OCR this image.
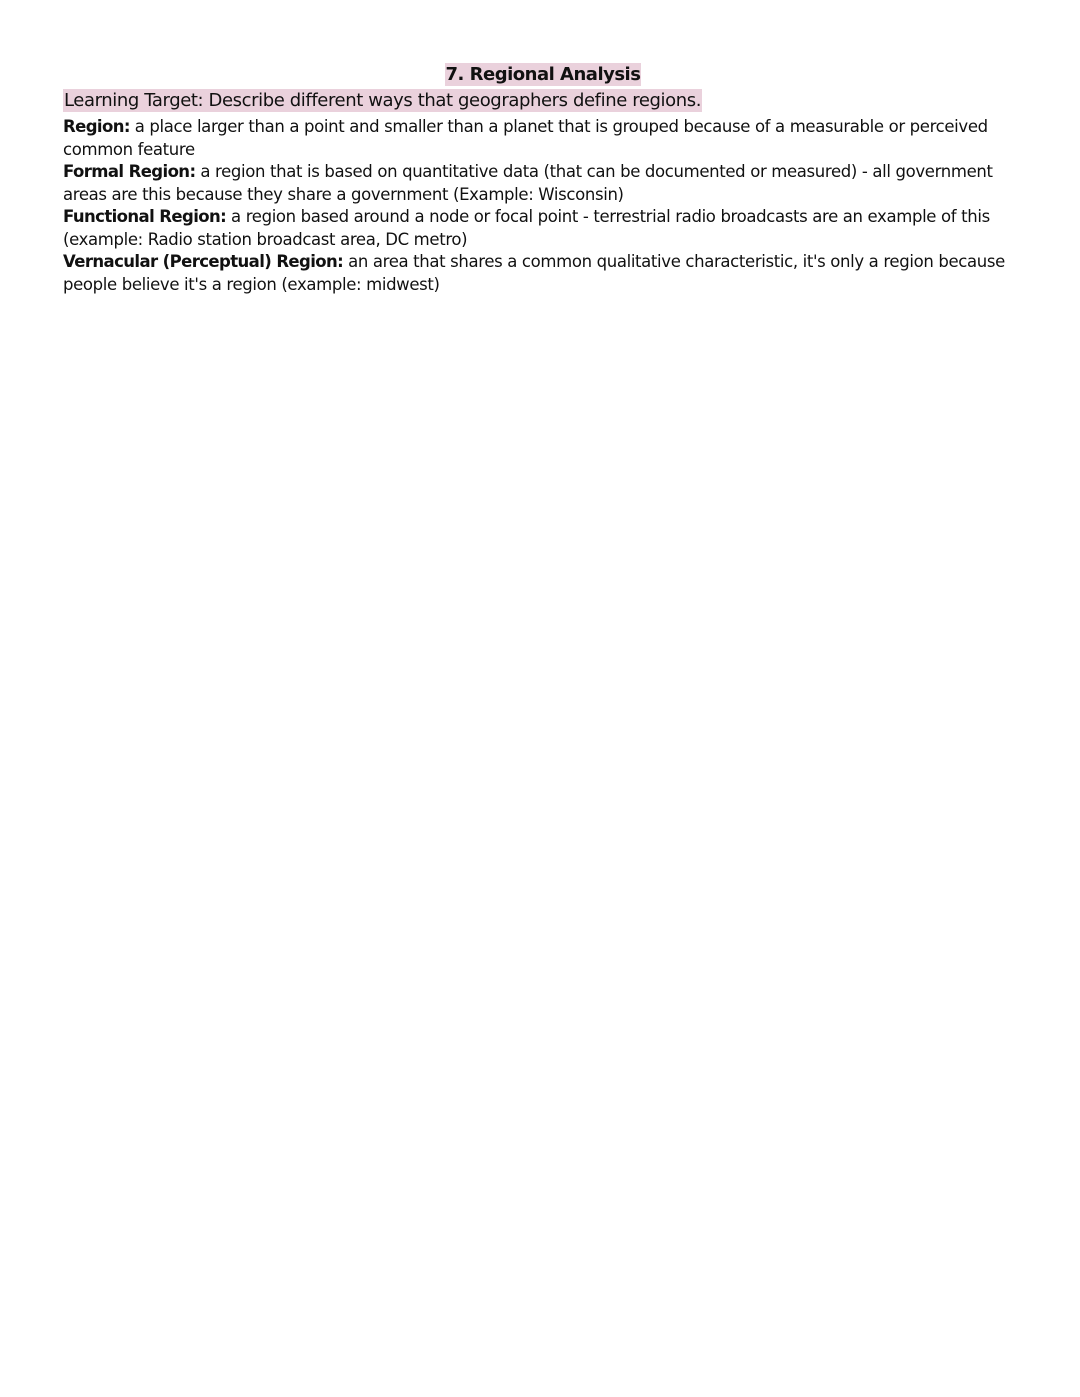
7. Regional Analysis
Learning Target: Describe different ways that geographers define regions.

Region: a place larger than a point and smaller than a planet that is grouped because of a measurable or perceived common feature

Formal Region: a region that is based on quantitative data (that can be documented or measured) - all government areas are this because they share a government (Example: Wisconsin)

Functional Region: a region based around a node or focal point - terrestrial radio broadcasts are an example of this (example: Radio station broadcast area, DC metro)

Vernacular (Perceptual) Region: an area that shares a common qualitative characteristic, it's only a region because people believe it's a region (example: midwest)
